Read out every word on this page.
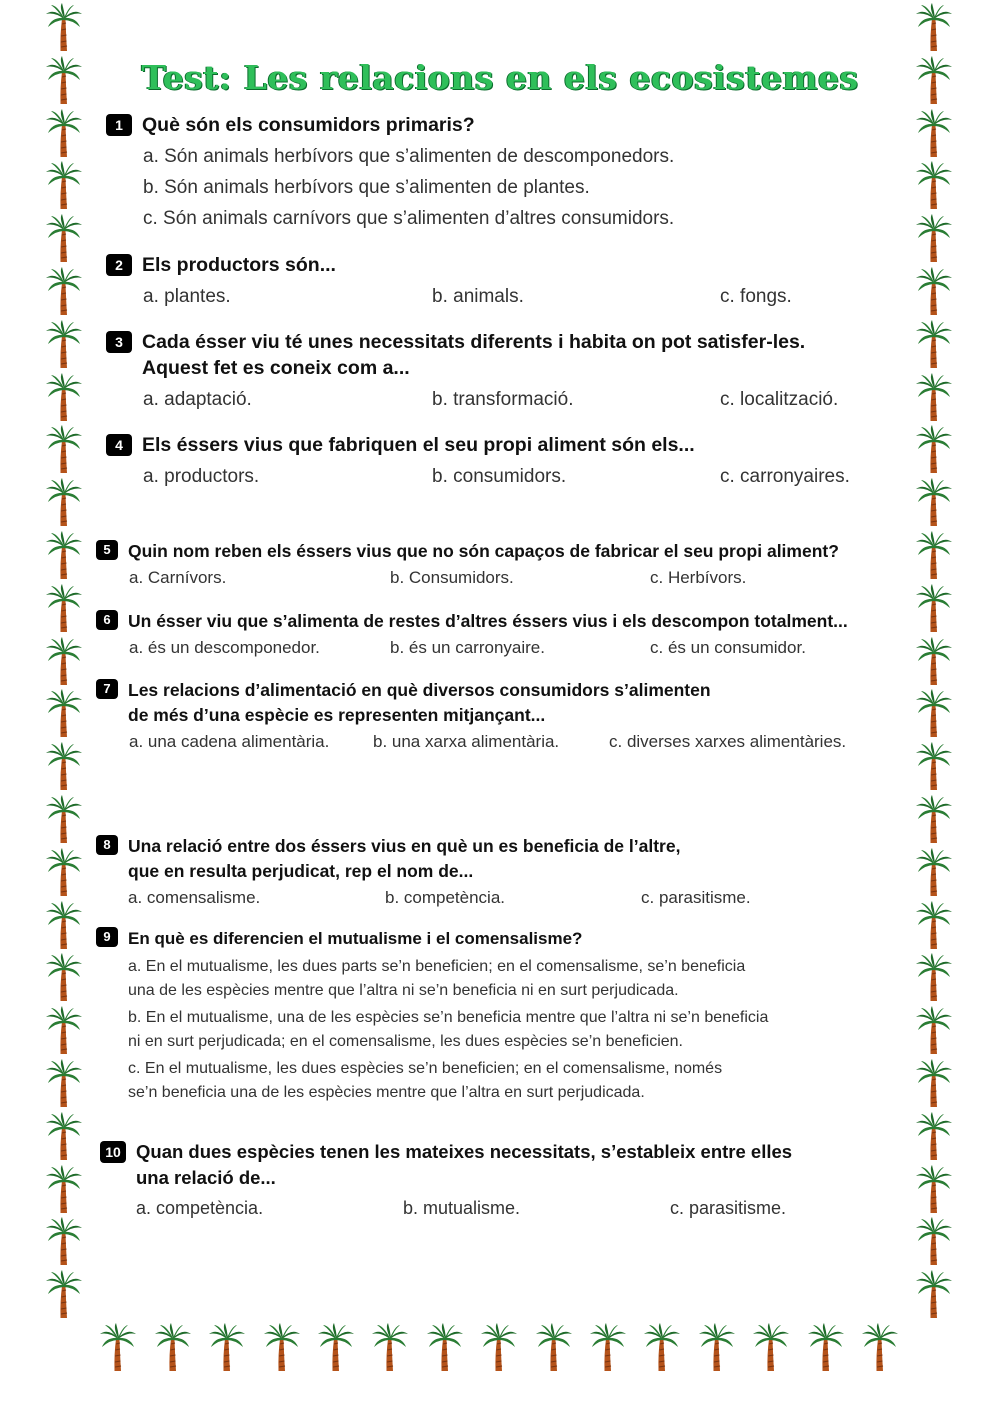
Test: Les relacions en els ecosistemes
1 Què són els consumidors primaris?
a. Són animals herbívors que s’alimenten de descomponedors.
b. Són animals herbívors que s’alimenten de plantes.
c. Són animals carnívors que s’alimenten d’altres consumidors.
2 Els productors són...
a. plantes.	b. animals.	c. fongs.
3 Cada ésser viu té unes necessitats diferents i habita on pot satisfer-les.
Aquest fet es coneix com a...
a. adaptació.	b. transformació.	c. localització.
4 Els éssers vius que fabriquen el seu propi aliment són els...
a. productors.	b. consumidors.	c. carronyaires.
5 Quin nom reben els éssers vius que no són capaços de fabricar el seu propi aliment?
a. Carnívors.	b. Consumidors.	c. Herbívors.
6 Un ésser viu que s’alimenta de restes d’altres éssers vius i els descompon totalment...
a. és un descomponedor.	b. és un carronyaire.	c. és un consumidor.
7 Les relacions d’alimentació en què diversos consumidors s’alimenten
de més d’una espècie es representen mitjançant...
a. una cadena alimentària.	b. una xarxa alimentària.	c. diverses xarxes alimentàries.
8 Una relació entre dos éssers vius en què un es beneficia de l’altre,
que en resulta perjudicat, rep el nom de...
a. comensalisme.	b. competència.	c. parasitisme.
9	En què es diferencien el mutualisme i el comensalisme?
a. En el mutualisme, les dues parts se’n beneficien; en el comensalisme, se’n beneficia
una de les espècies mentre que l’altra ni se’n beneficia ni en surt perjudicada.
b. En el mutualisme, una de les espècies se’n beneficia mentre que l’altra ni se’n beneficia
ni en surt perjudicada; en el comensalisme, les dues espècies se’n beneficien.
c. En el mutualisme, les dues espècies se’n beneficien; en el comensalisme, només
se’n beneficia una de les espècies mentre que l’altra en surt perjudicada.
10 Quan dues espècies tenen les mateixes necessitats, s’estableix entre elles
una relació de...
a. competència.	b. mutualisme.	c. parasitisme.
